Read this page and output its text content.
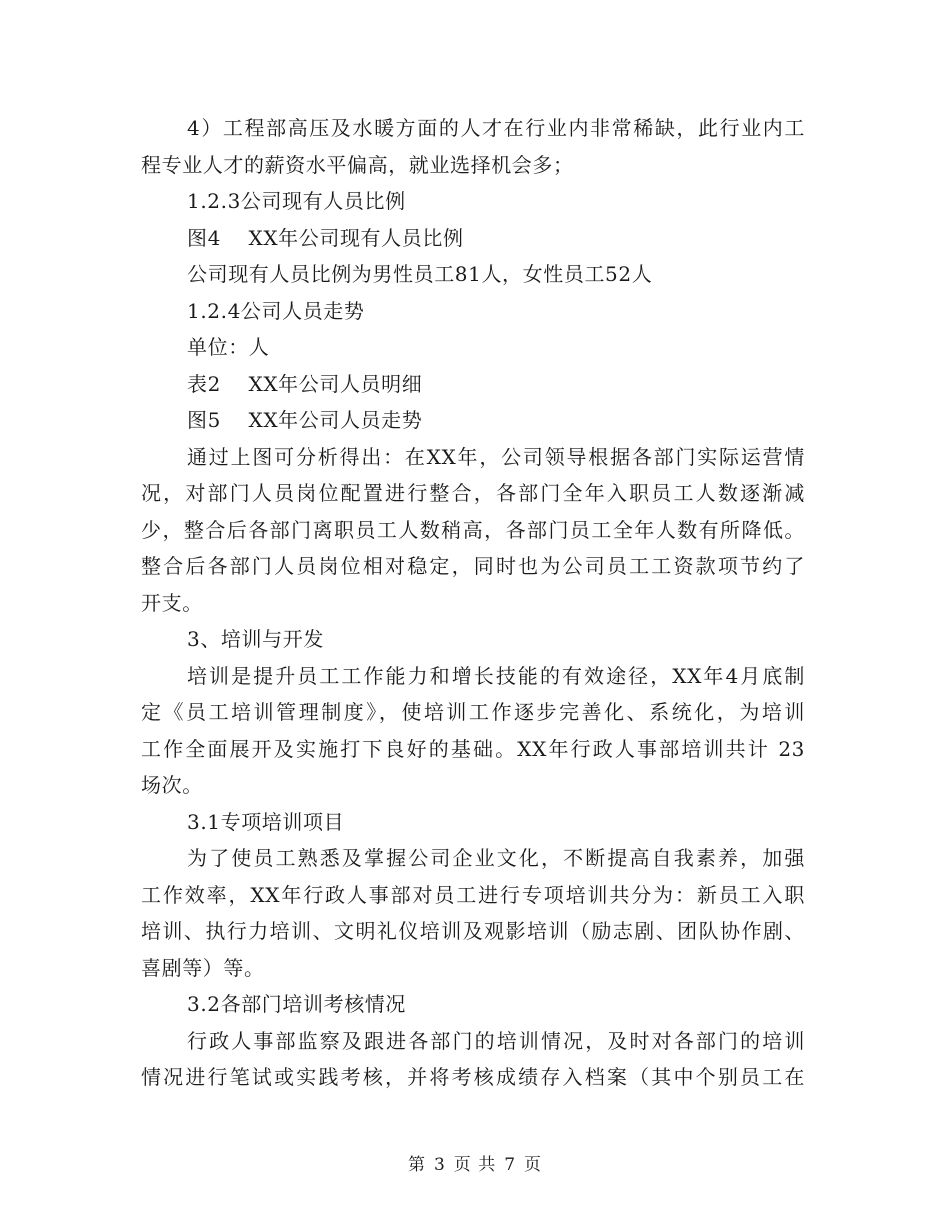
4）工程部高压及水暖方面的人才在行业内非常稀缺，此行业内工
程专业人才的薪资水平偏高，就业选择机会多；
1.2.3公司现有人员比例
图4　 XX年公司现有人员比例
公司现有人员比例为男性员工81人，女性员工52人
1.2.4公司人员走势
单位：人
表2　 XX年公司人员明细
图5　 XX年公司人员走势
通过上图可分析得出：在XX年，公司领导根据各部门实际运营情
况，对部门人员岗位配置进行整合，各部门全年入职员工人数逐渐减
少，整合后各部门离职员工人数稍高，各部门员工全年人数有所降低。
整合后各部门人员岗位相对稳定，同时也为公司员工工资款项节约了
开支。
3、培训与开发
培训是提升员工工作能力和增长技能的有效途径，XX年4月底制
定《员工培训管理制度》，使培训工作逐步完善化、系统化，为培训
工作全面展开及实施打下良好的基础。XX年行政人事部培训共计 23
场次。
3.1专项培训项目
为了使员工熟悉及掌握公司企业文化，不断提高自我素养，加强
工作效率，XX年行政人事部对员工进行专项培训共分为：新员工入职
培训、执行力培训、文明礼仪培训及观影培训（励志剧、团队协作剧、
喜剧等）等。
3.2各部门培训考核情况
行政人事部监察及跟进各部门的培训情况，及时对各部门的培训
情况进行笔试或实践考核，并将考核成绩存入档案（其中个别员工在
第 3 页 共 7 页
